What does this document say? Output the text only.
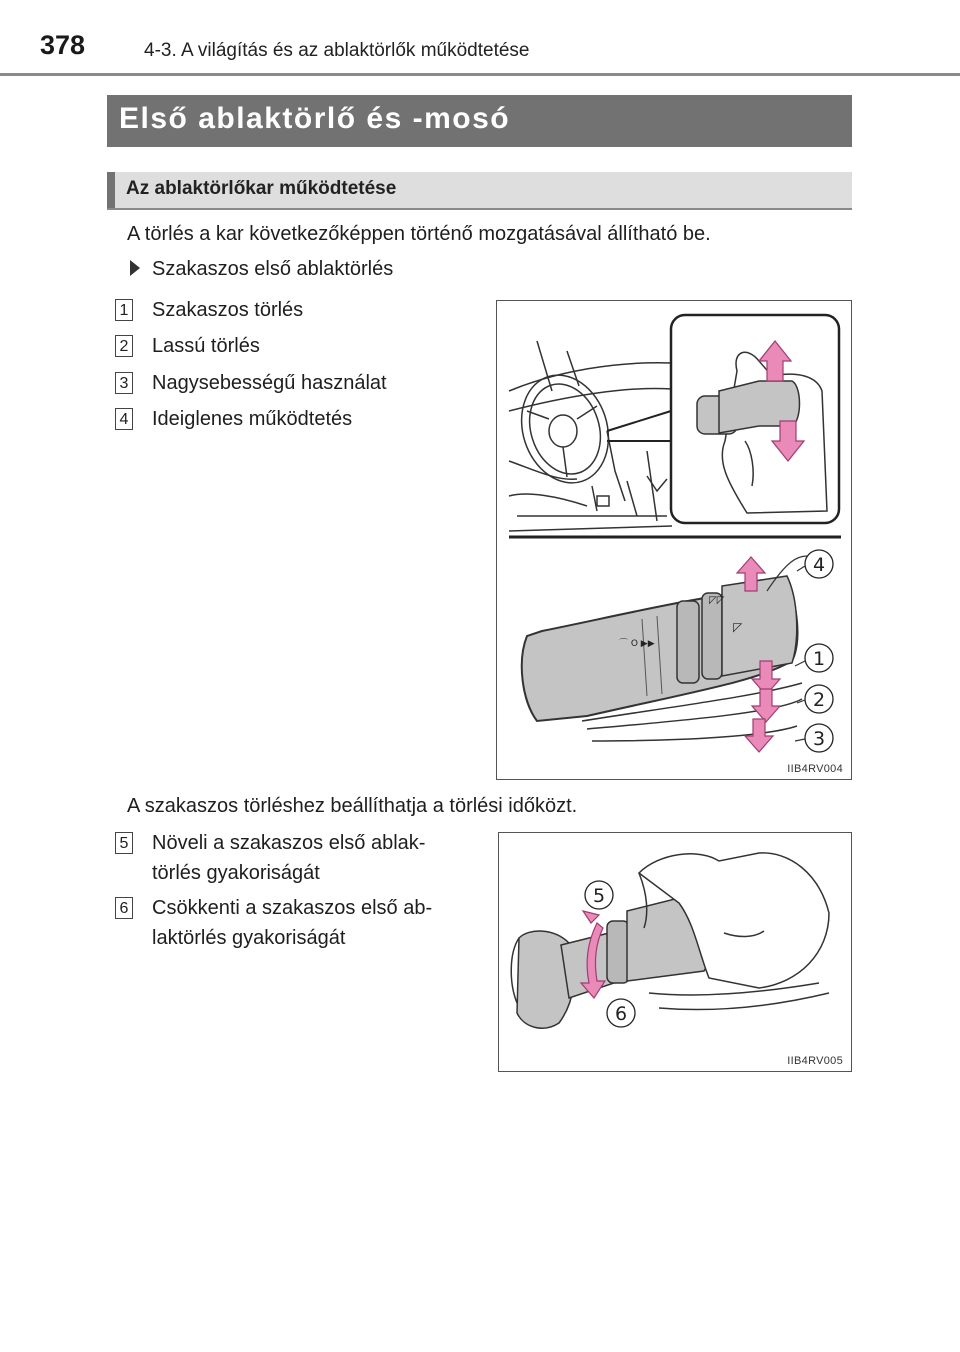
378	4-3. A világítás és az ablaktörlők működtetése
Első ablaktörlő és -mosó
Az ablaktörlőkar működtetése
A törlés a kar következőképpen történő mozgatásával állítható be.
Szakaszos első ablaktörlés
1 Szakaszos törlés
2 Lassú törlés
3 Nagysebességű használat
4 Ideiglenes működtetés
⌒ O ▶▶
◸
◸◸
4
1
2
3
IIB4RV004
A szakaszos törléshez beállíthatja a törlési időközt.
5 Növeli a szakaszos első ablak-
törlés gyakoriságát
6 Csökkenti a szakaszos első ab-
laktörlés gyakoriságát
5
6
IIB4RV005
